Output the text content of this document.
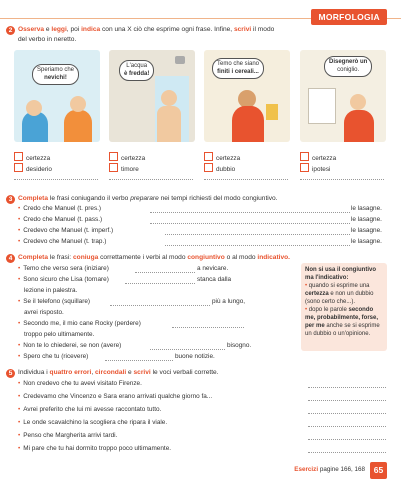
MORFOLOGIA
2 Osserva e leggi, poi indica con una X ciò che esprime ogni frase. Infine, scrivi il modo
del verbo in neretto.
Speriamo che
nevichi!
L'acqua
è fredda!
Temo che siano
finiti i cereali...
Disegnerò un
coniglio.
certezza
desiderio
certezza
timore
certezza
dubbio
certezza
ipotesi
3 Completa le frasi coniugando il verbo preparare nei tempi richiesti del modo congiuntivo.
• Credo che Manuel (t. pres.)	le lasagne.
• Credo che Manuel (t. pass.)	le lasagne.
• Credevo che Manuel (t. imperf.)	le lasagne.
• Credevo che Manuel (t. trap.)	le lasagne.
4 Completa le frasi: coniuga correttamente i verbi al modo congiuntivo o al modo indicativo.
• Temo che verso sera (iniziare)	a nevicare.
• Sono sicuro che Lisa (tornare)	stanca dalla
lezione in palestra.
• Se il telefono (squillare)	più a lungo,
avrei risposto.
• Secondo me, il mio cane Rocky (perdere)
troppo pelo ultimamente.
• Non te lo chiederei, se non (avere)	bisogno.
• Spero che tu (ricevere)	buone notizie.
Non si usa il congiuntivo ma l'indicativo:
• quando si esprime una certezza e non un dubbio (sono certo che...).
• dopo le parole secondo me, probabilmente, forse, per me anche se si esprime un dubbio o un'opinione.
5 Individua i quattro errori, circondali e scrivi le voci verbali corrette.
• Non credevo che tu avevi visitato Firenze.
• Credevamo che Vincenzo e Sara erano arrivati qualche giorno fa...
• Avrei preferito che lui mi avesse raccontato tutto.
• Le onde scavalchino la scogliera che ripara il viale.
• Penso che Margherita arrivi tardi.
• Mi pare che tu hai dormito troppo poco ultimamente.
Esercizi pagine 166, 168	65
